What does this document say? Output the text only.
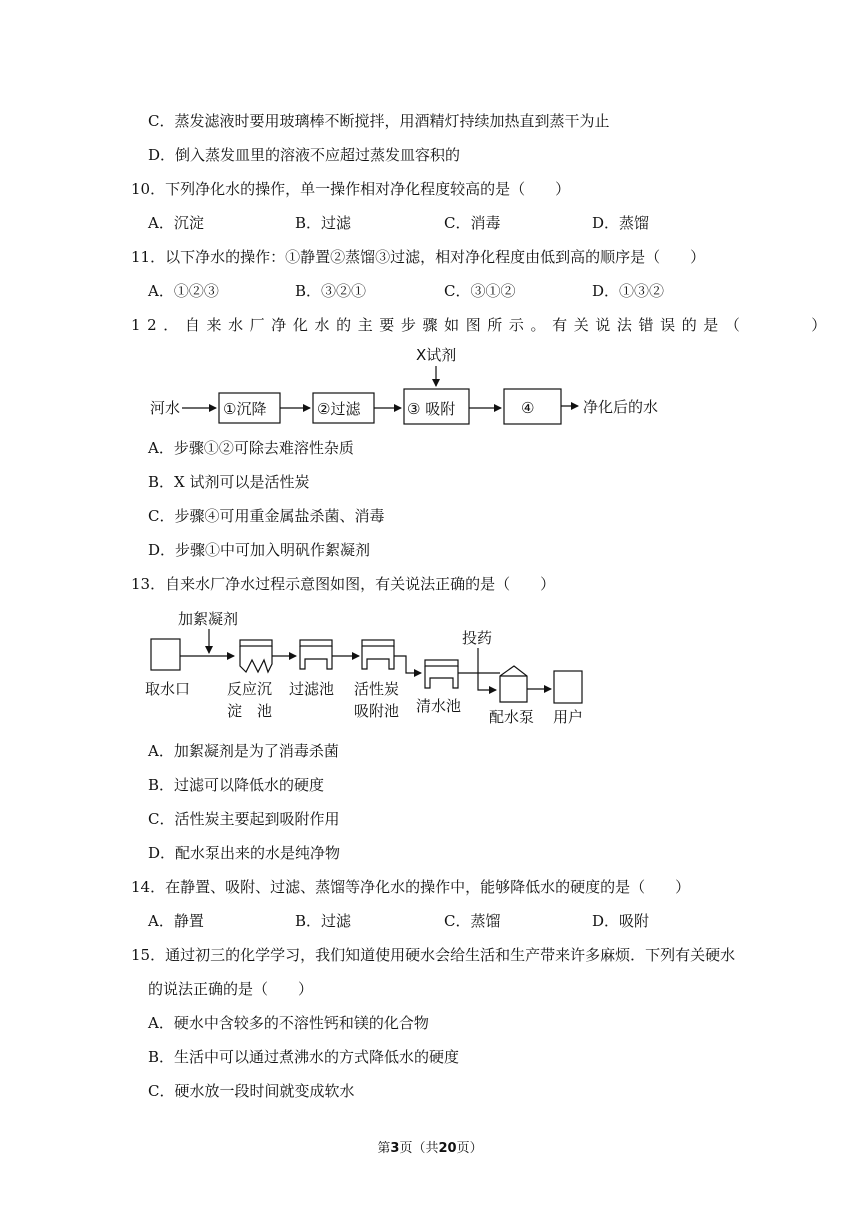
C．蒸发滤液时要用玻璃棒不断搅拌，用酒精灯持续加热直到蒸干为止
D．倒入蒸发皿里的溶液不应超过蒸发皿容积的
10．下列净化水的操作，单一操作相对净化程度较高的是（　　）
A．沉淀	B．过滤	C．消毒	D．蒸馏
11．以下净水的操作：①静置②蒸馏③过滤，相对净化程度由低到高的顺序是（　　）
A．①②③	B．③②①	C．③①②	D．①③②
12．自来水厂净化水的主要步骤如图所示。有关说法错误的是（　　　）
X试剂
河水	①沉降	②过滤	③ 吸附	④	净化后的水
A．步骤①②可除去难溶性杂质
B．X 试剂可以是活性炭
C．步骤④可用重金属盐杀菌、消毒
D．步骤①中可加入明矾作絮凝剂
13．自来水厂净水过程示意图如图，有关说法正确的是（　　）
加絮凝剂
投药
取水口 反应沉
淀　池
过滤池 活性炭
吸附池 清水池
配水泵 用户
A．加絮凝剂是为了消毒杀菌
B．过滤可以降低水的硬度
C．活性炭主要起到吸附作用
D．配水泵出来的水是纯净物
14．在静置、吸附、过滤、蒸馏等净化水的操作中，能够降低水的硬度的是（　　）
A．静置	B．过滤	C．蒸馏	D．吸附
15．通过初三的化学学习，我们知道使用硬水会给生活和生产带来许多麻烦．下列有关硬水
的说法正确的是（　　）
A．硬水中含较多的不溶性钙和镁的化合物
B．生活中可以通过煮沸水的方式降低水的硬度
C．硬水放一段时间就变成软水
第3页（共20页）
